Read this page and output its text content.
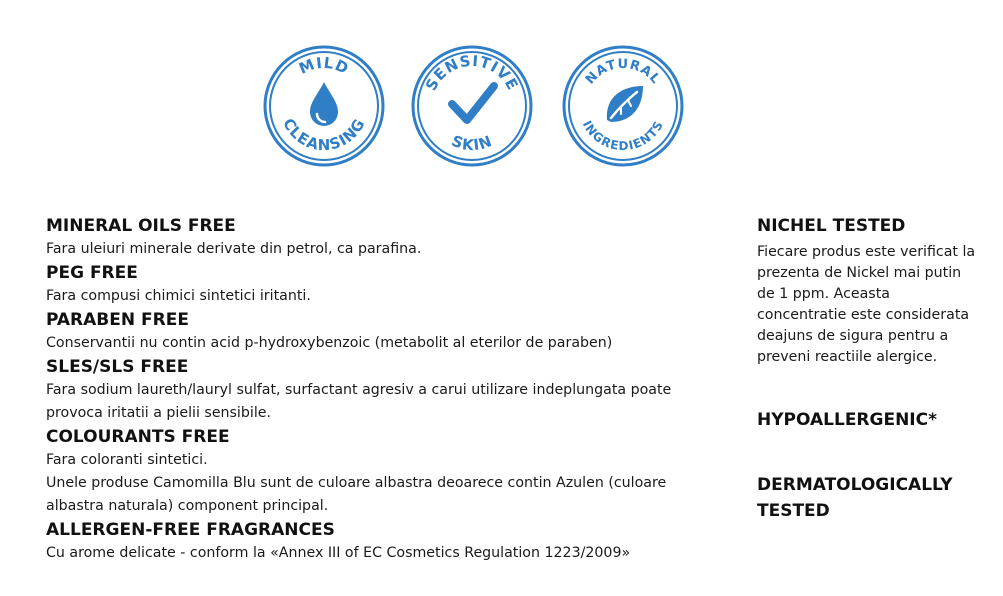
MILD
CLEANSING
SENSITIVE
SKIN
NATURAL
INGREDIENTS
MINERAL OILS FREE

Fara uleiuri minerale derivate din petrol, ca parafina.

PEG FREE

Fara compusi chimici sintetici iritanti.

PARABEN FREE

Conservantii nu contin acid p-hydroxybenzoic (metabolit al eterilor de paraben)

SLES/SLS FREE

Fara sodium laureth/lauryl sulfat, surfactant agresiv a carui utilizare indeplungata poate

provoca iritatii a pielii sensibile.

COLOURANTS FREE

Fara coloranti sintetici.

Unele produse Camomilla Blu sunt de culoare albastra deoarece contin Azulen (culoare

albastra naturala) component principal.

ALLERGEN-FREE FRAGRANCES

Cu arome delicate - conform la «Annex III of EC Cosmetics Regulation 1223/2009»

NICHEL TESTED

Fiecare produs este verificat la
prezenta de Nickel mai putin
de 1 ppm. Aceasta
concentratie este considerata
deajuns de sigura pentru a
preveni reactiile alergice.

HYPOALLERGENIC*
DERMATOLOGICALLY TESTED
